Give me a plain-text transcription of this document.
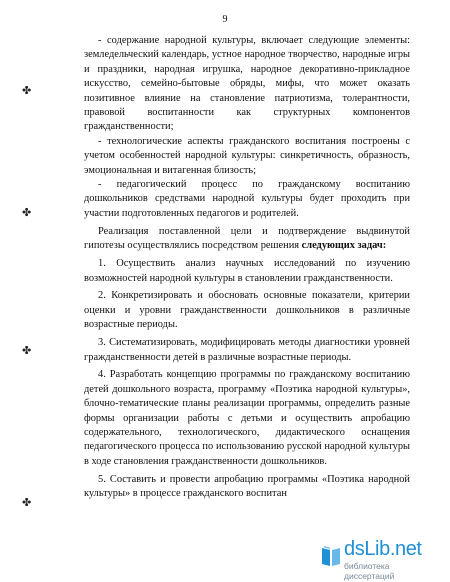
9

- содержание народной культуры, включает следующие элементы: земледельческий календарь, устное народное творчество, народные игры и праздники, народная игрушка, народное декоративно-прикладное искусство, семейно-бытовые обряды, мифы, что может оказать позитивное влияние на становление патриотизма, толерантности, правовой воспитанности как структурных компонентов гражданственности;

- технологические аспекты гражданского воспитания построены с учетом особенностей народной культуры: синкретичность, образность, эмоциональная и витагенная близость;

- педагогический процесс по гражданскому воспитанию дошкольников средствами народной культуры будет проходить при участии подготовленных педагогов и родителей.

Реализация поставленной цели и подтверждение выдвинутой гипотезы осуществлялись посредством решения следующих задач:

1. Осуществить анализ научных исследований по изучению возможностей народной культуры в становлении гражданственности.

2. Конкретизировать и обосновать основные показатели, критерии оценки и уровни гражданственности дошкольников в различные возрастные периоды.

3. Систематизировать, модифицировать методы диагностики уровней гражданственности детей в различные возрастные периоды.

4. Разработать концепцию программы по гражданскому воспитанию детей дошкольного возраста, программу «Поэтика народной культуры», блочно-тематические планы реализации программы, определить разные формы организации работы с детьми и осуществить апробацию содержательного, технологического, дидактического оснащения педагогического процесса по использованию русской народной культуры в ходе становления гражданственности дошкольников.

5. Составить и провести апробацию программы «Поэтика народной культуры» в процессе гражданского воспитан

✤
✤
✤
✤
dsLib.net
библиотека диссертаций
